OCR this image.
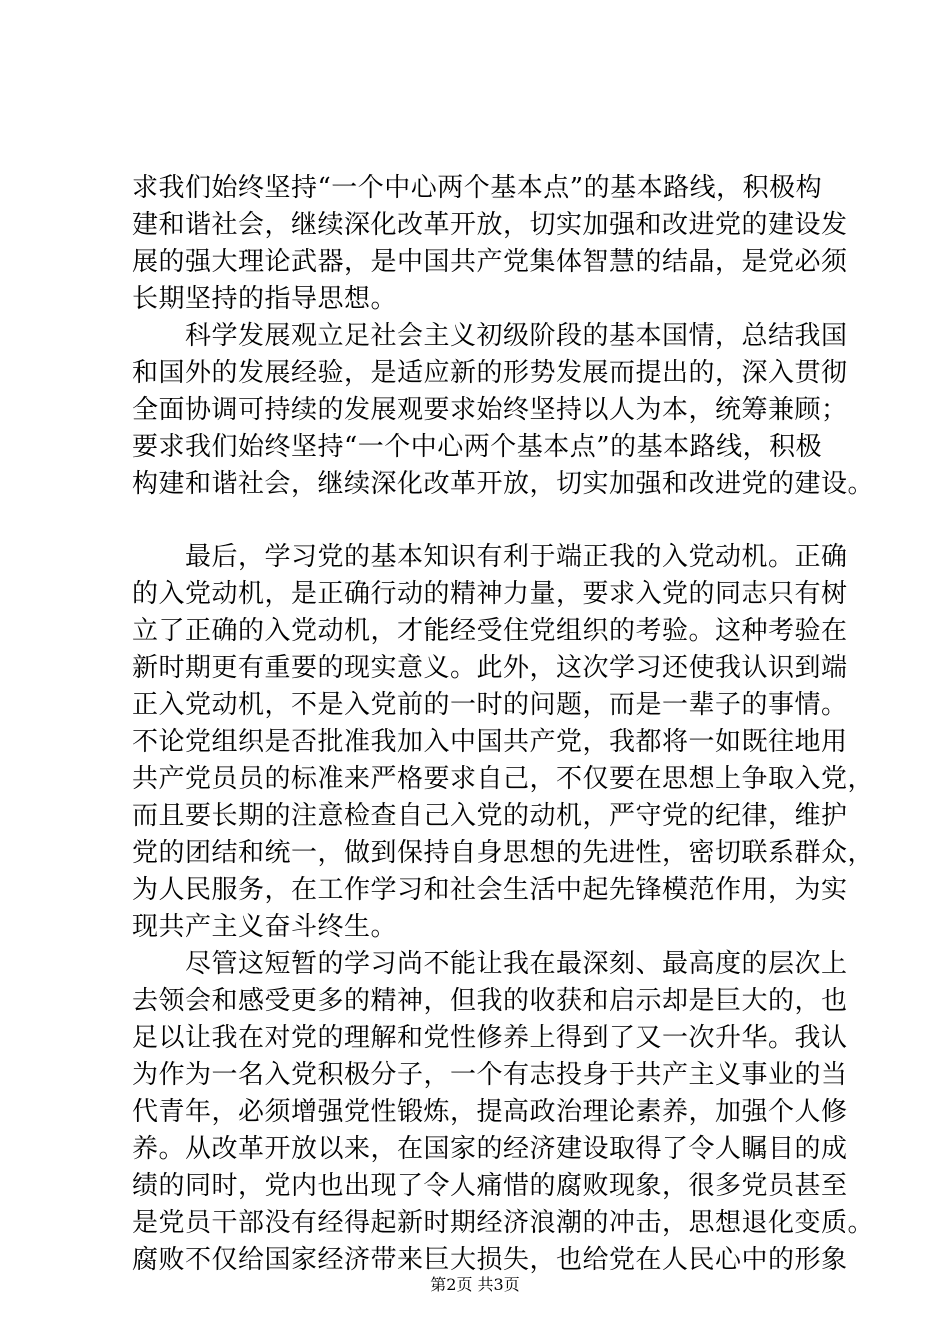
求我们始终坚持“一个中心两个基本点”的基本路线，积极构
建和谐社会，继续深化改革开放，切实加强和改进党的建设发
展的强大理论武器，是中国共产党集体智慧的结晶，是党必须
长期坚持的指导思想。
　　科学发展观立足社会主义初级阶段的基本国情，总结我国
和国外的发展经验，是适应新的形势发展而提出的，深入贯彻
全面协调可持续的发展观要求始终坚持以人为本，统筹兼顾；
要求我们始终坚持“一个中心两个基本点”的基本路线，积极
构建和谐社会，继续深化改革开放，切实加强和改进党的建设。
　　最后，学习党的基本知识有利于端正我的入党动机。正确
的入党动机，是正确行动的精神力量，要求入党的同志只有树
立了正确的入党动机，才能经受住党组织的考验。这种考验在
新时期更有重要的现实意义。此外，这次学习还使我认识到端
正入党动机，不是入党前的一时的问题，而是一辈子的事情。
不论党组织是否批准我加入中国共产党，我都将一如既往地用
共产党员员的标准来严格要求自己，不仅要在思想上争取入党，
而且要长期的注意检查自己入党的动机，严守党的纪律，维护
党的团结和统一，做到保持自身思想的先进性，密切联系群众，
为人民服务，在工作学习和社会生活中起先锋模范作用，为实
现共产主义奋斗终生。
　　尽管这短暂的学习尚不能让我在最深刻、最高度的层次上
去领会和感受更多的精神，但我的收获和启示却是巨大的，也
足以让我在对党的理解和党性修养上得到了又一次升华。我认
为作为一名入党积极分子，一个有志投身于共产主义事业的当
代青年，必须增强党性锻炼，提高政治理论素养，加强个人修
养。从改革开放以来，在国家的经济建设取得了令人瞩目的成
绩的同时，党内也出现了令人痛惜的腐败现象，很多党员甚至
是党员干部没有经得起新时期经济浪潮的冲击，思想退化变质。
腐败不仅给国家经济带来巨大损失，也给党在人民心中的形象
第2页 共3页
